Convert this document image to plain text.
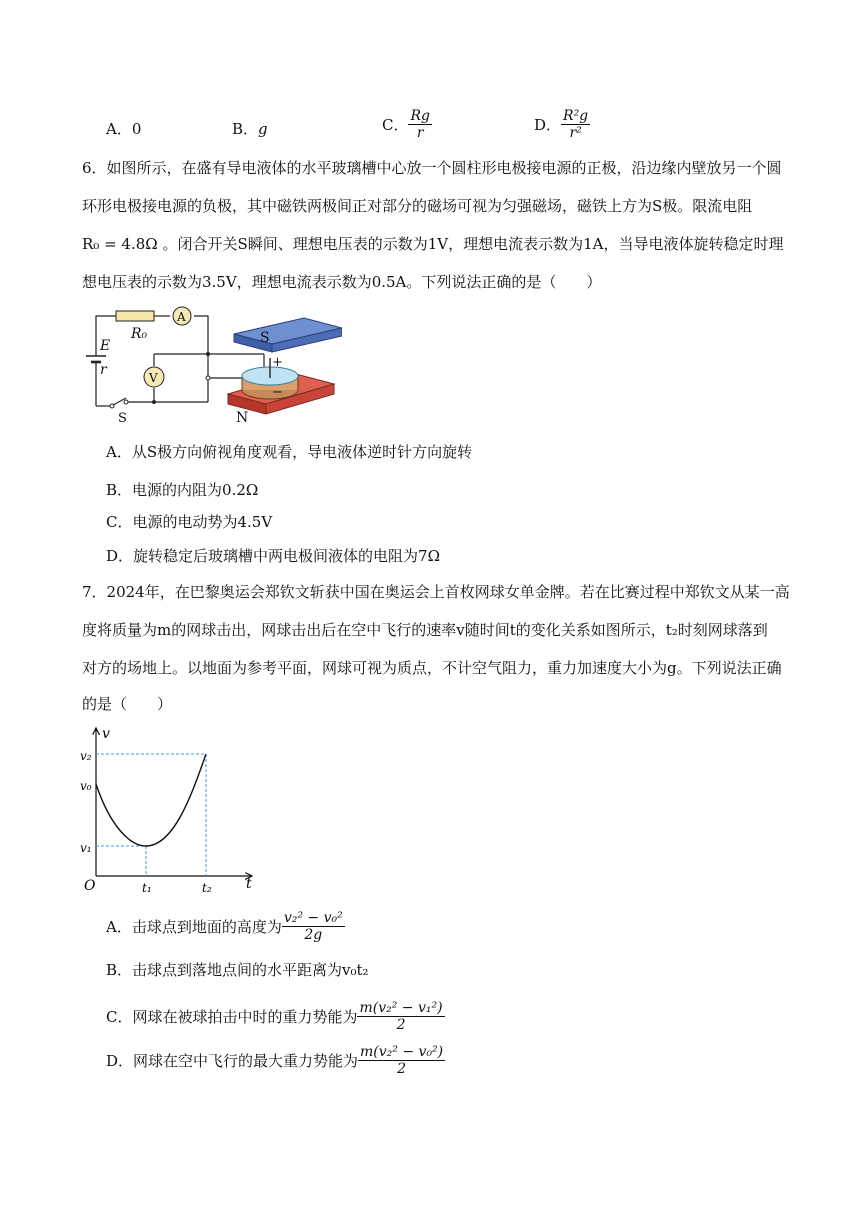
A．0	B．g	C． $\frac{Rg}{r}$	D． $\frac{\text{R²g}}{\text{r²}}$
6．如图所示，在盛有导电液体的水平玻璃槽中心放一个圆柱形电极接电源的正极，沿边缘内壁放另一个圆
环形电极接电源的负极，其中磁铁两极间正对部分的磁场可视为匀强磁场，磁铁上方为S极。限流电阻
R₀ = 4.8Ω 。闭合开关S瞬间、理想电压表的示数为1V，理想电流表示数为1A，当导电液体旋转稳定时理
想电压表的示数为3.5V，理想电流表示数为0.5A。下列说法正确的是（　　）
R₀
A
V
E
r
S
S
N
+
−
A．从S极方向俯视角度观看，导电液体逆时针方向旋转
B．电源的内阻为0.2Ω
C．电源的电动势为4.5V
D．旋转稳定后玻璃槽中两电极间液体的电阻为7Ω
7．2024年，在巴黎奥运会郑钦文斩获中国在奥运会上首枚网球女单金牌。若在比赛过程中郑钦文从某一高
度将质量为m的网球击出，网球击出后在空中飞行的速率v随时间t的变化关系如图所示，t₂时刻网球落到
对方的场地上。以地面为参考平面，网球可视为质点，不计空气阻力，重力加速度大小为g。下列说法正确
的是（　　）
v
t
O
v₂
v₀
v₁
t₁	t₂
A．击球点到地面的高度为 $\frac{\text{v₂² − v₀²}}{2g}$
B．击球点到落地点间的水平距离为v₀t₂
C．网球在被球拍击中时的重力势能为 $\frac{\text{m(v₂² − v₁²)}}{2}$
D．网球在空中飞行的最大重力势能为 $\frac{\text{m(v₂² − v₀²)}}{2}$
